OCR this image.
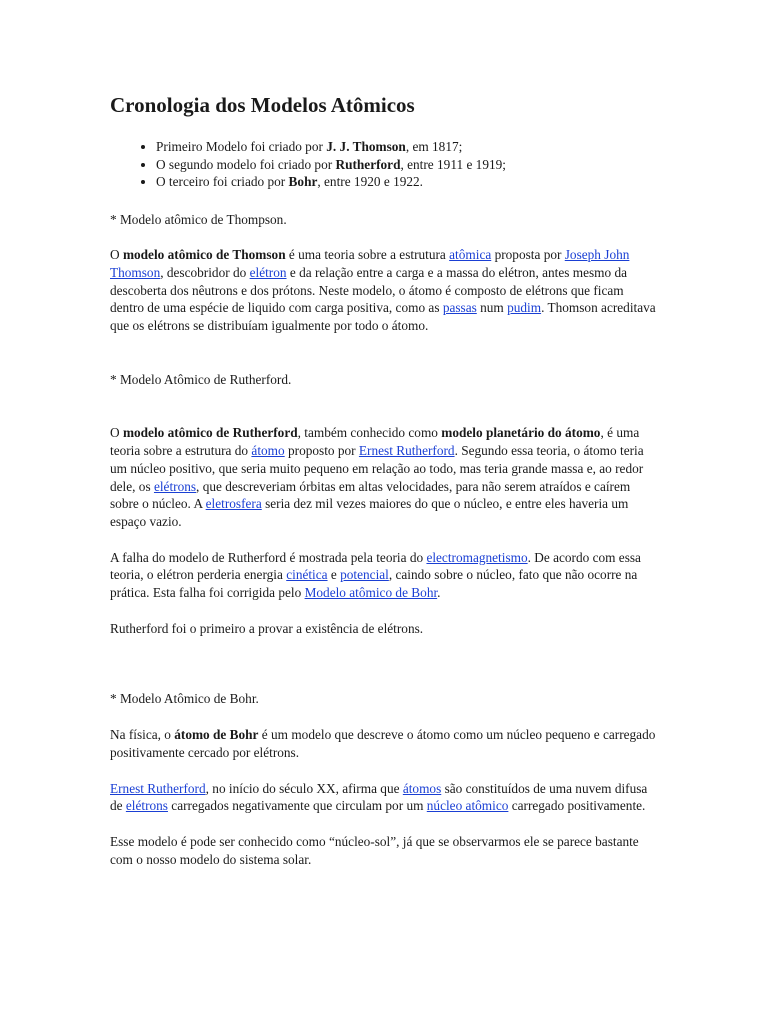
Cronologia dos Modelos Atômicos
• Primeiro Modelo foi criado por J. J. Thomson, em 1817;
• O segundo modelo foi criado por Rutherford, entre 1911 e 1919;
• O terceiro foi criado por Bohr, entre 1920 e 1922.

* Modelo atômico de Thompson.

O modelo atômico de Thomson é uma teoria sobre a estrutura atômica proposta por Joseph John Thomson, descobridor do elétron e da relação entre a carga e a massa do elétron, antes mesmo da descoberta dos nêutrons e dos prótons. Neste modelo, o átomo é composto de elétrons que ficam dentro de uma espécie de liquido com carga positiva, como as passas num pudim. Thomson acreditava que os elétrons se distribuíam igualmente por todo o átomo.

* Modelo Atômico de Rutherford.

O modelo atômico de Rutherford, também conhecido como modelo planetário do átomo, é uma teoria sobre a estrutura do átomo proposto por Ernest Rutherford. Segundo essa teoria, o átomo teria um núcleo positivo, que seria muito pequeno em relação ao todo, mas teria grande massa e, ao redor dele, os elétrons, que descreveriam órbitas em altas velocidades, para não serem atraídos e caírem sobre o núcleo. A eletrosfera seria dez mil vezes maiores do que o núcleo, e entre eles haveria um espaço vazio.

A falha do modelo de Rutherford é mostrada pela teoria do electromagnetismo. De acordo com essa teoria, o elétron perderia energia cinética e potencial, caindo sobre o núcleo, fato que não ocorre na prática. Esta falha foi corrigida pelo Modelo atômico de Bohr.

Rutherford foi o primeiro a provar a existência de elétrons.

* Modelo Atômico de Bohr.

Na física, o átomo de Bohr é um modelo que descreve o átomo como um núcleo pequeno e carregado positivamente cercado por elétrons.

Ernest Rutherford, no início do século XX, afirma que átomos são constituídos de uma nuvem difusa de elétrons carregados negativamente que circulam por um núcleo atômico carregado positivamente.

Esse modelo é pode ser conhecido como “núcleo-sol”, já que se observarmos ele se parece bastante com o nosso modelo do sistema solar.
